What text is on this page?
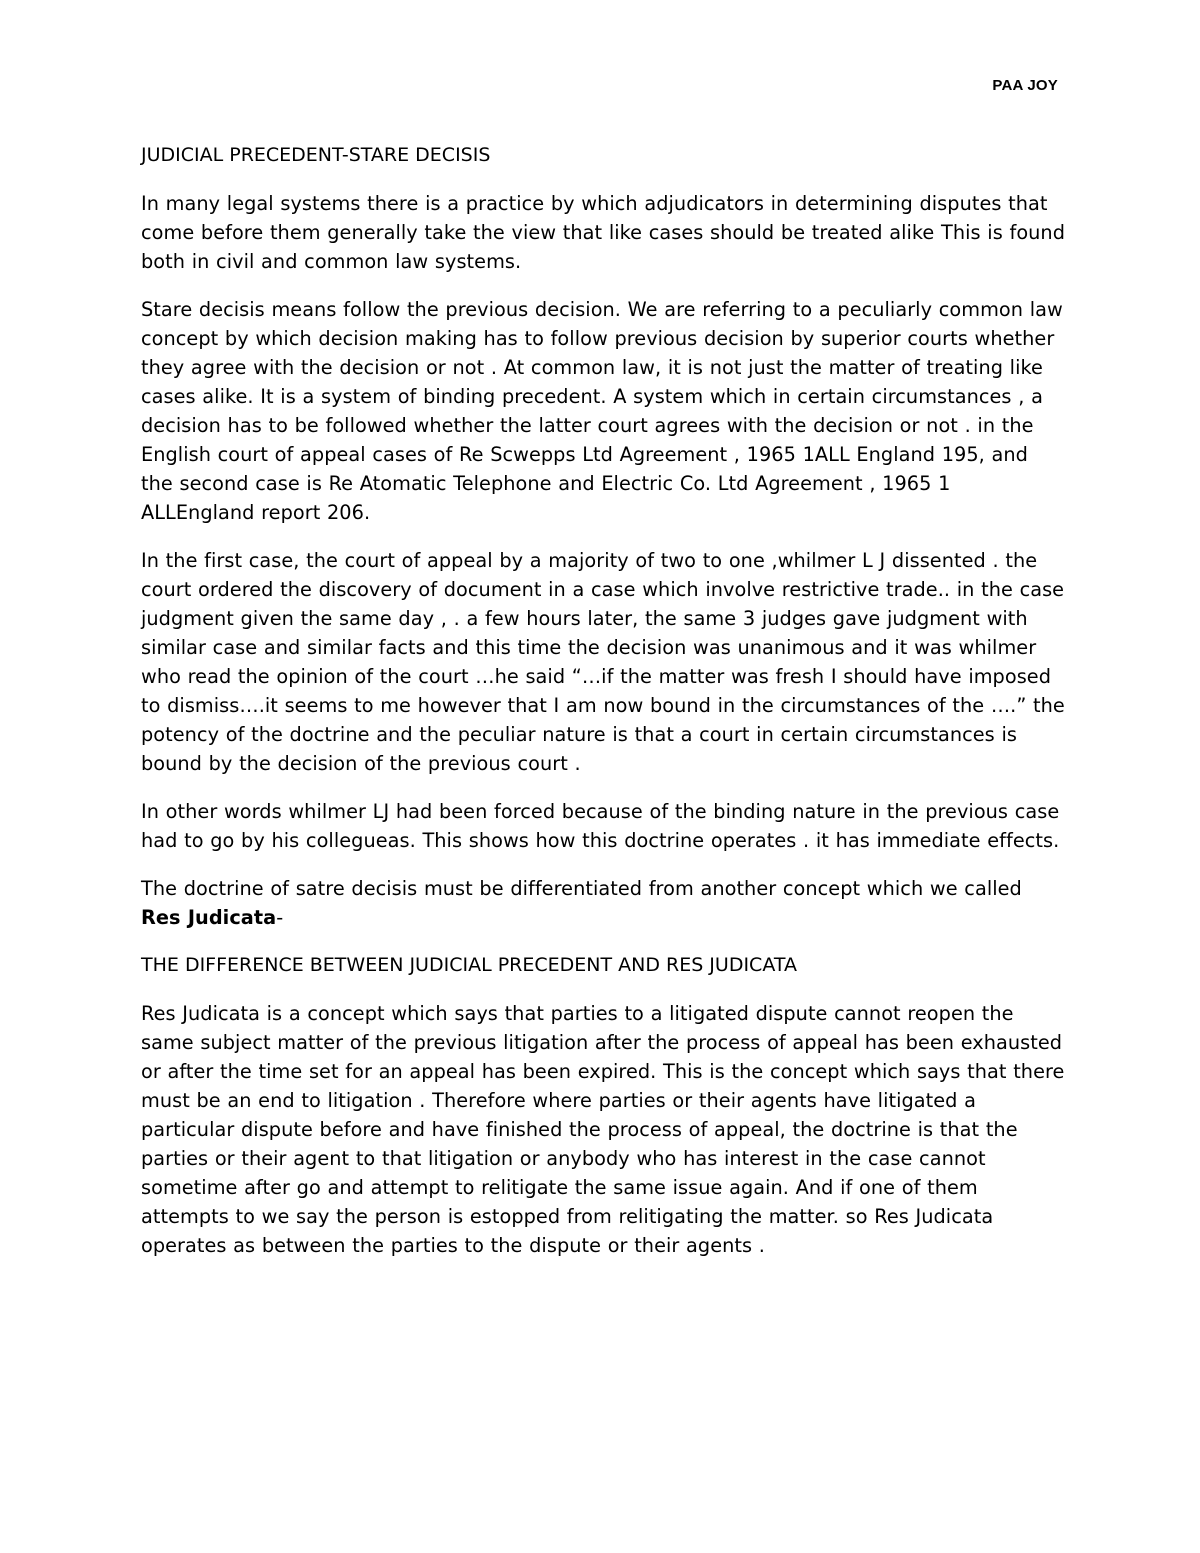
PAA JOY
JUDICIAL PRECEDENT-STARE DECISIS

In many legal systems there is a practice by which adjudicators in determining disputes that come before them generally take the view that like cases should be treated alike This is found both in civil and common law systems.

Stare decisis means follow the previous decision. We are referring to a peculiarly common law concept by which decision making has to follow previous decision by superior courts whether they agree with the decision or not . At common law, it is not just the matter of treating like cases alike. It is a system of binding precedent. A system which in certain circumstances , a decision has to be followed whether the latter court agrees with the decision or not . in the English court of appeal cases of Re Scwepps Ltd Agreement , 1965 1ALL England 195, and the second case is Re Atomatic Telephone and Electric Co. Ltd Agreement , 1965 1 ALLEngland report 206.

In the first case, the court of appeal by a majority of two to one ,whilmer L J dissented . the court ordered the discovery of document in a case which involve restrictive trade.. in the case judgment given the same day , . a few hours later, the same 3 judges gave judgment with similar case and similar facts and this time the decision was unanimous and it was whilmer who read the opinion of the court …he said “…if the matter was fresh I should have imposed to dismiss….it seems to me however that I am now bound in the circumstances of the ….” the potency of the doctrine and the peculiar nature is that a court in certain circumstances is bound by the decision of the previous court .

In other words whilmer LJ had been forced because of the binding nature in the previous case had to go by his collegueas. This shows how this doctrine operates . it has immediate effects.

The doctrine of satre decisis must be differentiated from another concept which we called Res Judicata-

THE DIFFERENCE BETWEEN JUDICIAL PRECEDENT AND RES JUDICATA

Res Judicata is a concept which says that parties to a litigated dispute cannot reopen the same subject matter of the previous litigation after the process of appeal has been exhausted or after the time set for an appeal has been expired. This is the concept which says that there must be an end to litigation . Therefore where parties or their agents have litigated a particular dispute before and have finished the process of appeal, the doctrine is that the parties or their agent to that litigation or anybody who has interest in the case cannot sometime after go and attempt to relitigate the same issue again. And if one of them attempts to we say the person is estopped from relitigating the matter. so Res Judicata operates as between the parties to the dispute or their agents .
